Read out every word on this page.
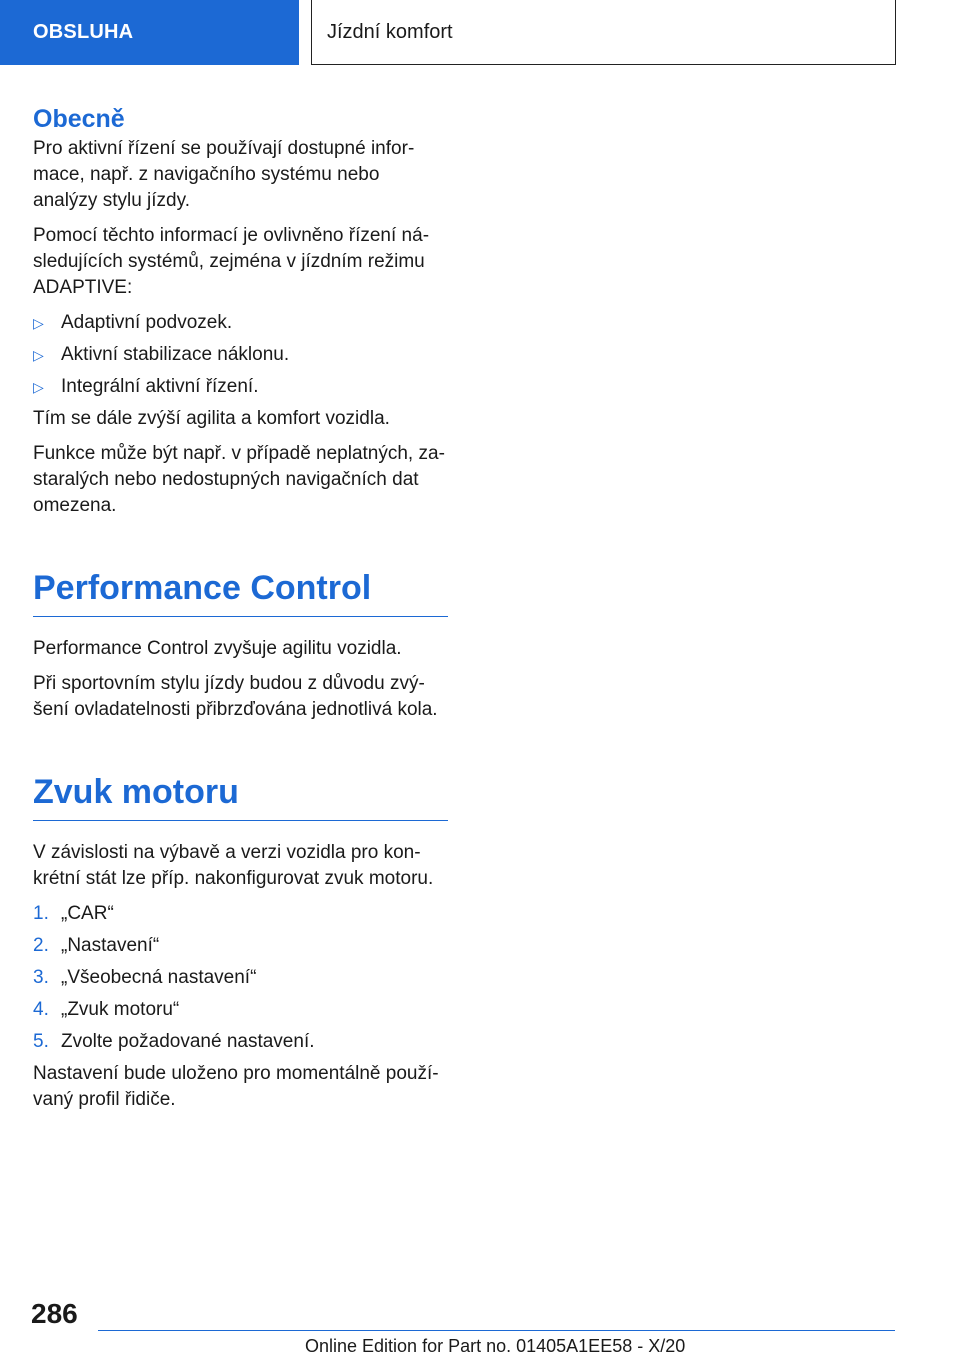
OBSLUHA	Jízdní komfort
Obecně

Pro aktivní řízení se používají dostupné informace, např. z navigačního systému nebo analýzy stylu jízdy.

Pomocí těchto informací je ovlivněno řízení následujících systémů, zejména v jízdním režimu ADAPTIVE:

▷ Adaptivní podvozek.
▷ Aktivní stabilizace náklonu.
▷ Integrální aktivní řízení.

Tím se dále zvýší agilita a komfort vozidla.

Funkce může být např. v případě neplatných, zastaralých nebo nedostupných navigačních dat omezena.

Performance Control

Performance Control zvyšuje agilitu vozidla.

Při sportovním stylu jízdy budou z důvodu zvýšení ovladatelnosti přibrzďována jednotlivá kola.

Zvuk motoru

V závislosti na výbavě a verzi vozidla pro konkrétní stát lze příp. nakonfigurovat zvuk motoru.

1. „CAR“
2. „Nastavení“
3. „Všeobecná nastavení“
4. „Zvuk motoru“
5. Zvolte požadované nastavení.

Nastavení bude uloženo pro momentálně používaný profil řidiče.

286
Online Edition for Part no. 01405A1EE58 - X/20
